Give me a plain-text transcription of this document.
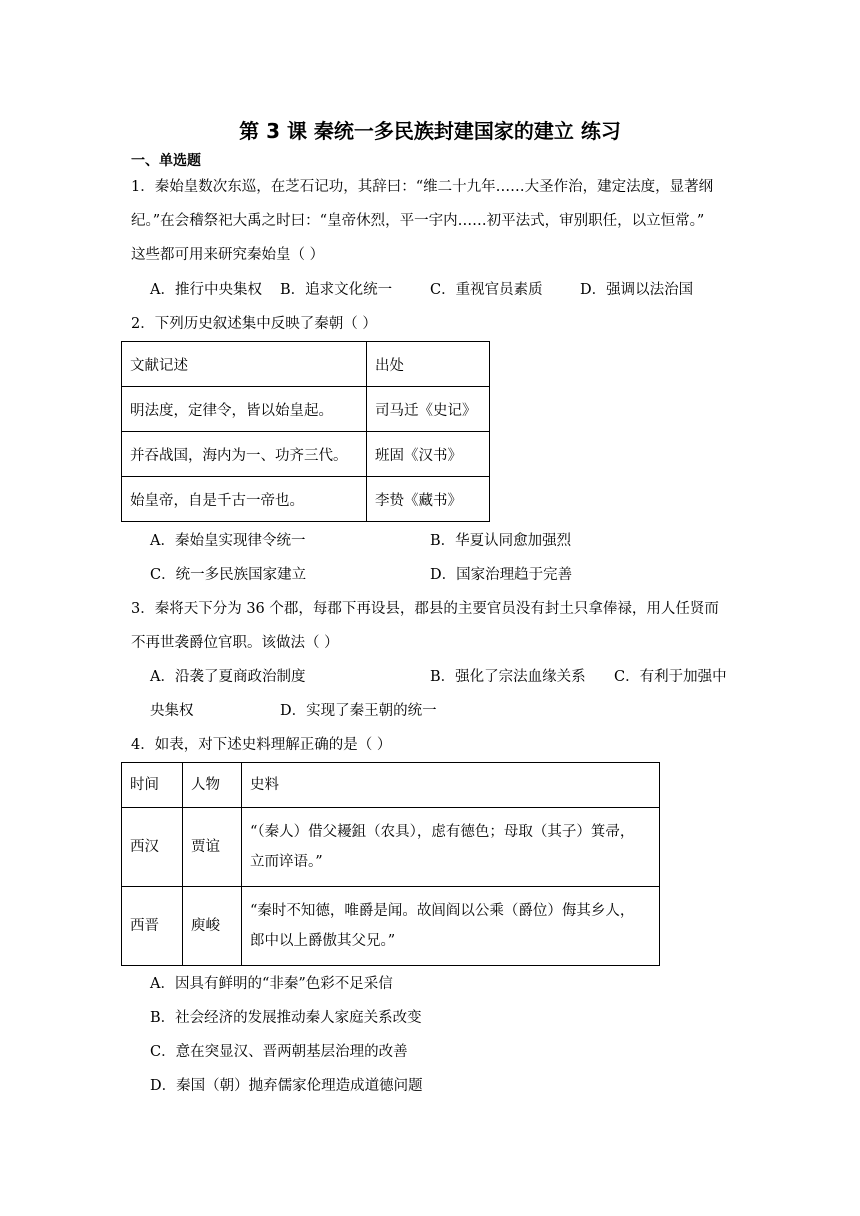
第 3 课 秦统一多民族封建国家的建立 练习
一、单选题
1．秦始皇数次东巡，在芝石记功，其辞曰：“维二十九年……大圣作治，建定法度，显著纲
纪。”在会稽祭祀大禹之时曰：“皇帝休烈，平一宇内……初平法式，审别职任，以立恒常。”
这些都可用来研究秦始皇（ ）
A．推行中央集权 B．追求文化统一	C．重视官员素质	D．强调以法治国
2．下列历史叙述集中反映了秦朝（ ）
文献记述	出处
明法度，定律令，皆以始皇起。	司马迁《史记》
并吞战国，海内为一、功齐三代。	班固《汉书》
始皇帝，自是千古一帝也。	李贽《藏书》
A．秦始皇实现律令统一	B．华夏认同愈加强烈
C．统一多民族国家建立	D．国家治理趋于完善
3．秦将天下分为 36 个郡，每郡下再设县，郡县的主要官员没有封土只拿俸禄，用人任贤而
不再世袭爵位官职。该做法（ ）
A．沿袭了夏商政治制度	B．强化了宗法血缘关系 C．有利于加强中
央集权	D．实现了秦王朝的统一
4．如表，对下述史料理解正确的是（ ）
时间	人物	史料
西汉	贾谊	“（秦人）借父耰鉏（农具），虑有德色；母取（其子）箕帚，
立而谇语。”

西晋	庾峻	“秦时不知德，唯爵是闻。故闾阎以公乘（爵位）侮其乡人，
郎中以上爵傲其父兄。”
A．因具有鲜明的“非秦”色彩不足采信
B．社会经济的发展推动秦人家庭关系改变
C．意在突显汉、晋两朝基层治理的改善
D．秦国（朝）抛弃儒家伦理造成道德问题
